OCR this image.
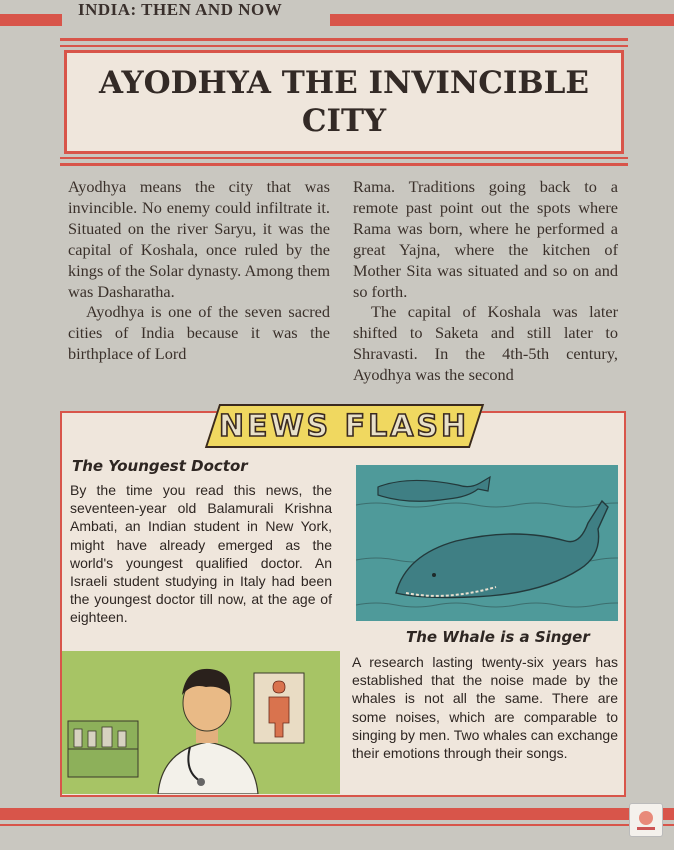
INDIA: THEN AND NOW
AYODHYA THE INVINCIBLE CITY

Ayodhya means the city that was invincible. No enemy could infiltrate it. Situated on the river Saryu, it was the capital of Koshala, once ruled by the kings of the Solar dynasty. Among them was Dasharatha.

Ayodhya is one of the seven sacred cities of India because it was the birthplace of Lord

Rama. Traditions going back to a remote past point out the spots where Rama was born, where he performed a great Yajna, where the kitchen of Mother Sita was situated and so on and so forth.

The capital of Koshala was later shifted to Saketa and still later to Shravasti. In the 4th-5th century, Ayodhya was the second

NEWS FLASH
The Youngest Doctor
By the time you read this news, the seventeen-year old Balamurali Krishna Ambati, an Indian student in New York, might have already emerged as the world's youngest qualified doctor. An Israeli student studying in Italy had been the youngest doctor till now, at the age of eighteen.
The Whale is a Singer
A research lasting twenty-six years has established that the noise made by the whales is not all the same. There are some noises, which are comparable to singing by men. Two whales can exchange their emotions through their songs.
